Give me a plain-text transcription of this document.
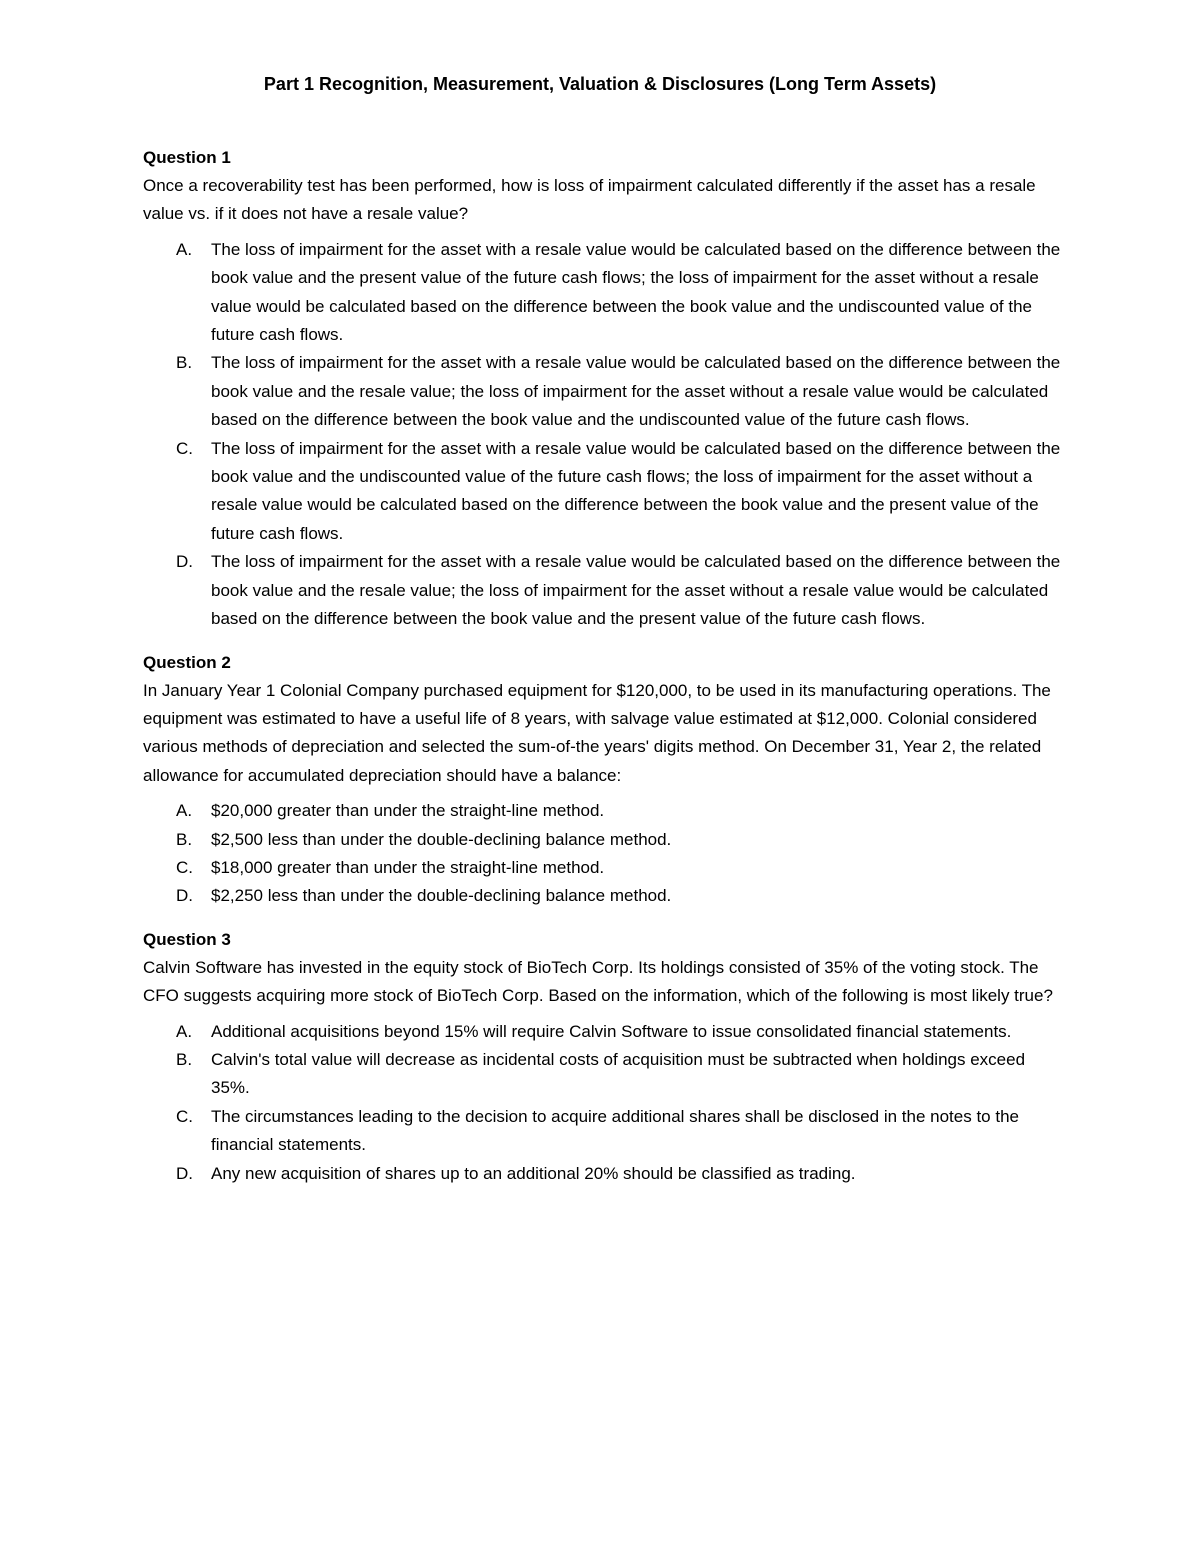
Part 1 Recognition, Measurement, Valuation & Disclosures (Long Term Assets)

Question 1

Once a recoverability test has been performed, how is loss of impairment calculated differently if the asset has a resale value vs. if it does not have a resale value?

A.	The loss of impairment for the asset with a resale value would be calculated based on the difference between the book value and the present value of the future cash flows; the loss of impairment for the asset without a resale value would be calculated based on the difference between the book value and the undiscounted value of the future cash flows.
B.	The loss of impairment for the asset with a resale value would be calculated based on the difference between the book value and the resale value; the loss of impairment for the asset without a resale value would be calculated based on the difference between the book value and the undiscounted value of the future cash flows.
C.	The loss of impairment for the asset with a resale value would be calculated based on the difference between the book value and the undiscounted value of the future cash flows; the loss of impairment for the asset without a resale value would be calculated based on the difference between the book value and the present value of the future cash flows.
D.	The loss of impairment for the asset with a resale value would be calculated based on the difference between the book value and the resale value; the loss of impairment for the asset without a resale value would be calculated based on the difference between the book value and the present value of the future cash flows.

Question 2

In January Year 1 Colonial Company purchased equipment for $120,000, to be used in its manufacturing operations. The equipment was estimated to have a useful life of 8 years, with salvage value estimated at $12,000. Colonial considered various methods of depreciation and selected the sum-of-the years' digits method. On December 31, Year 2, the related allowance for accumulated depreciation should have a balance:

A.	$20,000 greater than under the straight-line method.
B.	$2,500 less than under the double-declining balance method.
C.	$18,000 greater than under the straight-line method.
D.	$2,250 less than under the double-declining balance method.

Question 3

Calvin Software has invested in the equity stock of BioTech Corp. Its holdings consisted of 35% of the voting stock. The CFO suggests acquiring more stock of BioTech Corp. Based on the information, which of the following is most likely true?

A.	Additional acquisitions beyond 15% will require Calvin Software to issue consolidated financial statements.
B.	Calvin's total value will decrease as incidental costs of acquisition must be subtracted when holdings exceed 35%.
C.	The circumstances leading to the decision to acquire additional shares shall be disclosed in the notes to the financial statements.
D.	Any new acquisition of shares up to an additional 20% should be classified as trading.
